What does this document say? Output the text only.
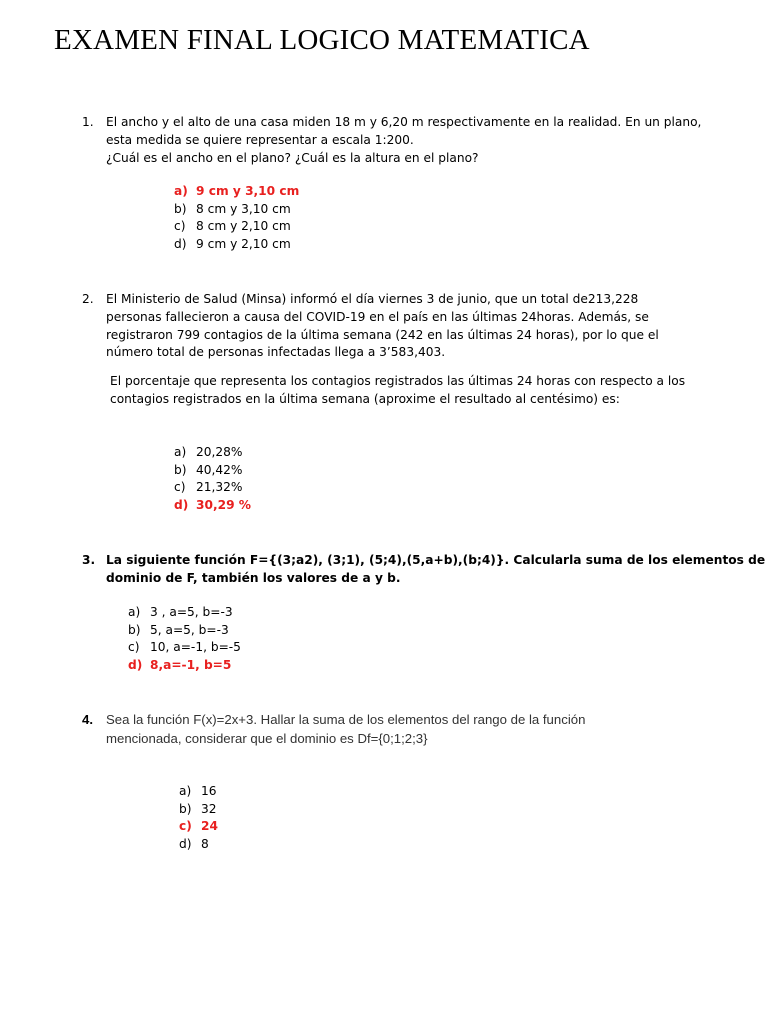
EXAMEN FINAL LOGICO MATEMATICA
1. El ancho y el alto de una casa miden 18 m y 6,20 m respectivamente en la realidad. En un plano,
esta medida se quiere representar a escala 1:200.
¿Cuál es el ancho en el plano? ¿Cuál es la altura en el plano?
a) 9 cm y 3,10 cm
b) 8 cm y 3,10 cm
c) 8 cm y 2,10 cm
d) 9 cm y 2,10 cm
2. El Ministerio de Salud (Minsa) informó el día viernes 3 de junio, que un total de213,228
personas fallecieron a causa del COVID-19 en el país en las últimas 24horas. Además, se
registraron 799 contagios de la última semana (242 en las últimas 24 horas), por lo que el
número total de personas infectadas llega a 3’583,403.
El porcentaje que representa los contagios registrados las últimas 24 horas con respecto a los
contagios registrados en la última semana (aproxime el resultado al centésimo) es:
a) 20,28%
b) 40,42%
c) 21,32%
d) 30,29 %
3. La siguiente función F={(3;a2), (3;1), (5;4),(5,a+b),(b;4)}. Calcularla suma de los elementos de
dominio de F, también los valores de a y b.
a) 3 , a=5, b=-3
b) 5, a=5, b=-3
c) 10, a=-1, b=-5
d) 8,a=-1, b=5
4. Sea la función F(x)=2x+3. Hallar la suma de los elementos del rango de la función
mencionada, considerar que el dominio es Df={0;1;2;3}
a) 16
b) 32
c) 24
d) 8
